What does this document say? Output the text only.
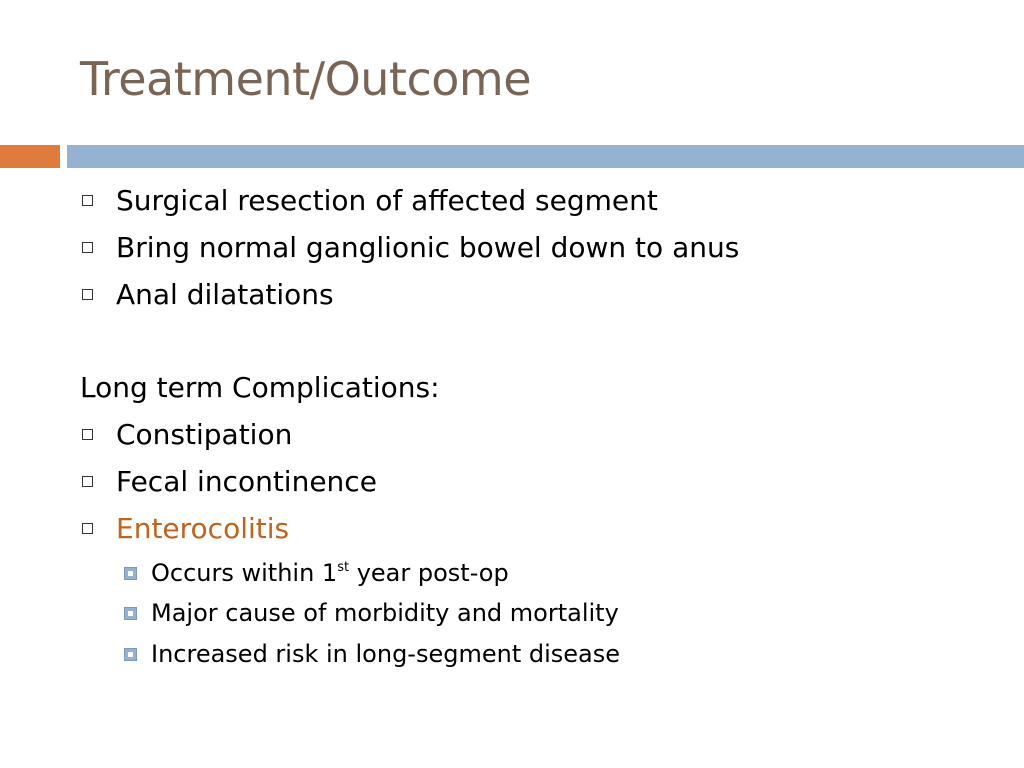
Treatment/Outcome
Surgical resection of affected segment
Bring normal ganglionic bowel down to anus
Anal dilatations
Long term Complications:
Constipation
Fecal incontinence
Enterocolitis
Occurs within 1st year post-op
Major cause of morbidity and mortality
Increased risk in long-segment disease
